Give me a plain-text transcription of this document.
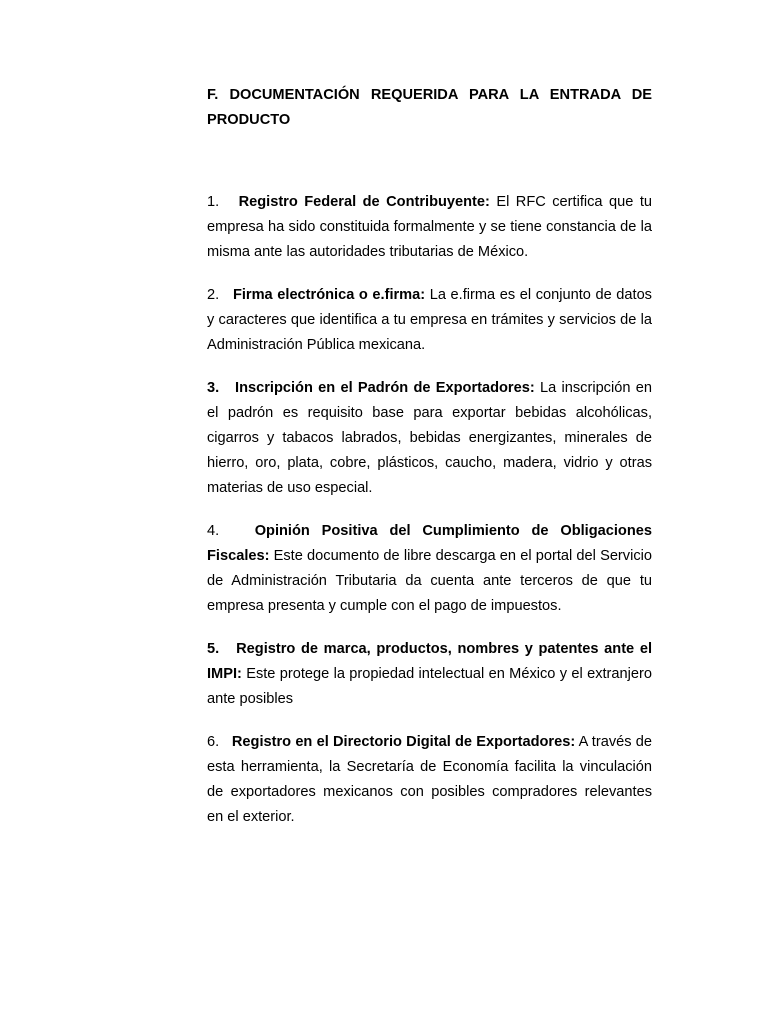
F. DOCUMENTACIÓN REQUERIDA PARA LA ENTRADA DE PRODUCTO

1. Registro Federal de Contribuyente: El RFC certifica que tu empresa ha sido constituida formalmente y se tiene constancia de la misma ante las autoridades tributarias de México.

2. Firma electrónica o e.firma: La e.firma es el conjunto de datos y caracteres que identifica a tu empresa en trámites y servicios de la Administración Pública mexicana.

3. Inscripción en el Padrón de Exportadores: La inscripción en el padrón es requisito base para exportar bebidas alcohólicas, cigarros y tabacos labrados, bebidas energizantes, minerales de hierro, oro, plata, cobre, plásticos, caucho, madera, vidrio y otras materias de uso especial.

4. Opinión Positiva del Cumplimiento de Obligaciones Fiscales: Este documento de libre descarga en el portal del Servicio de Administración Tributaria da cuenta ante terceros de que tu empresa presenta y cumple con el pago de impuestos.

5. Registro de marca, productos, nombres y patentes ante el IMPI: Este protege la propiedad intelectual en México y el extranjero ante posibles

6. Registro en el Directorio Digital de Exportadores: A través de esta herramienta, la Secretaría de Economía facilita la vinculación de exportadores mexicanos con posibles compradores relevantes en el exterior.
